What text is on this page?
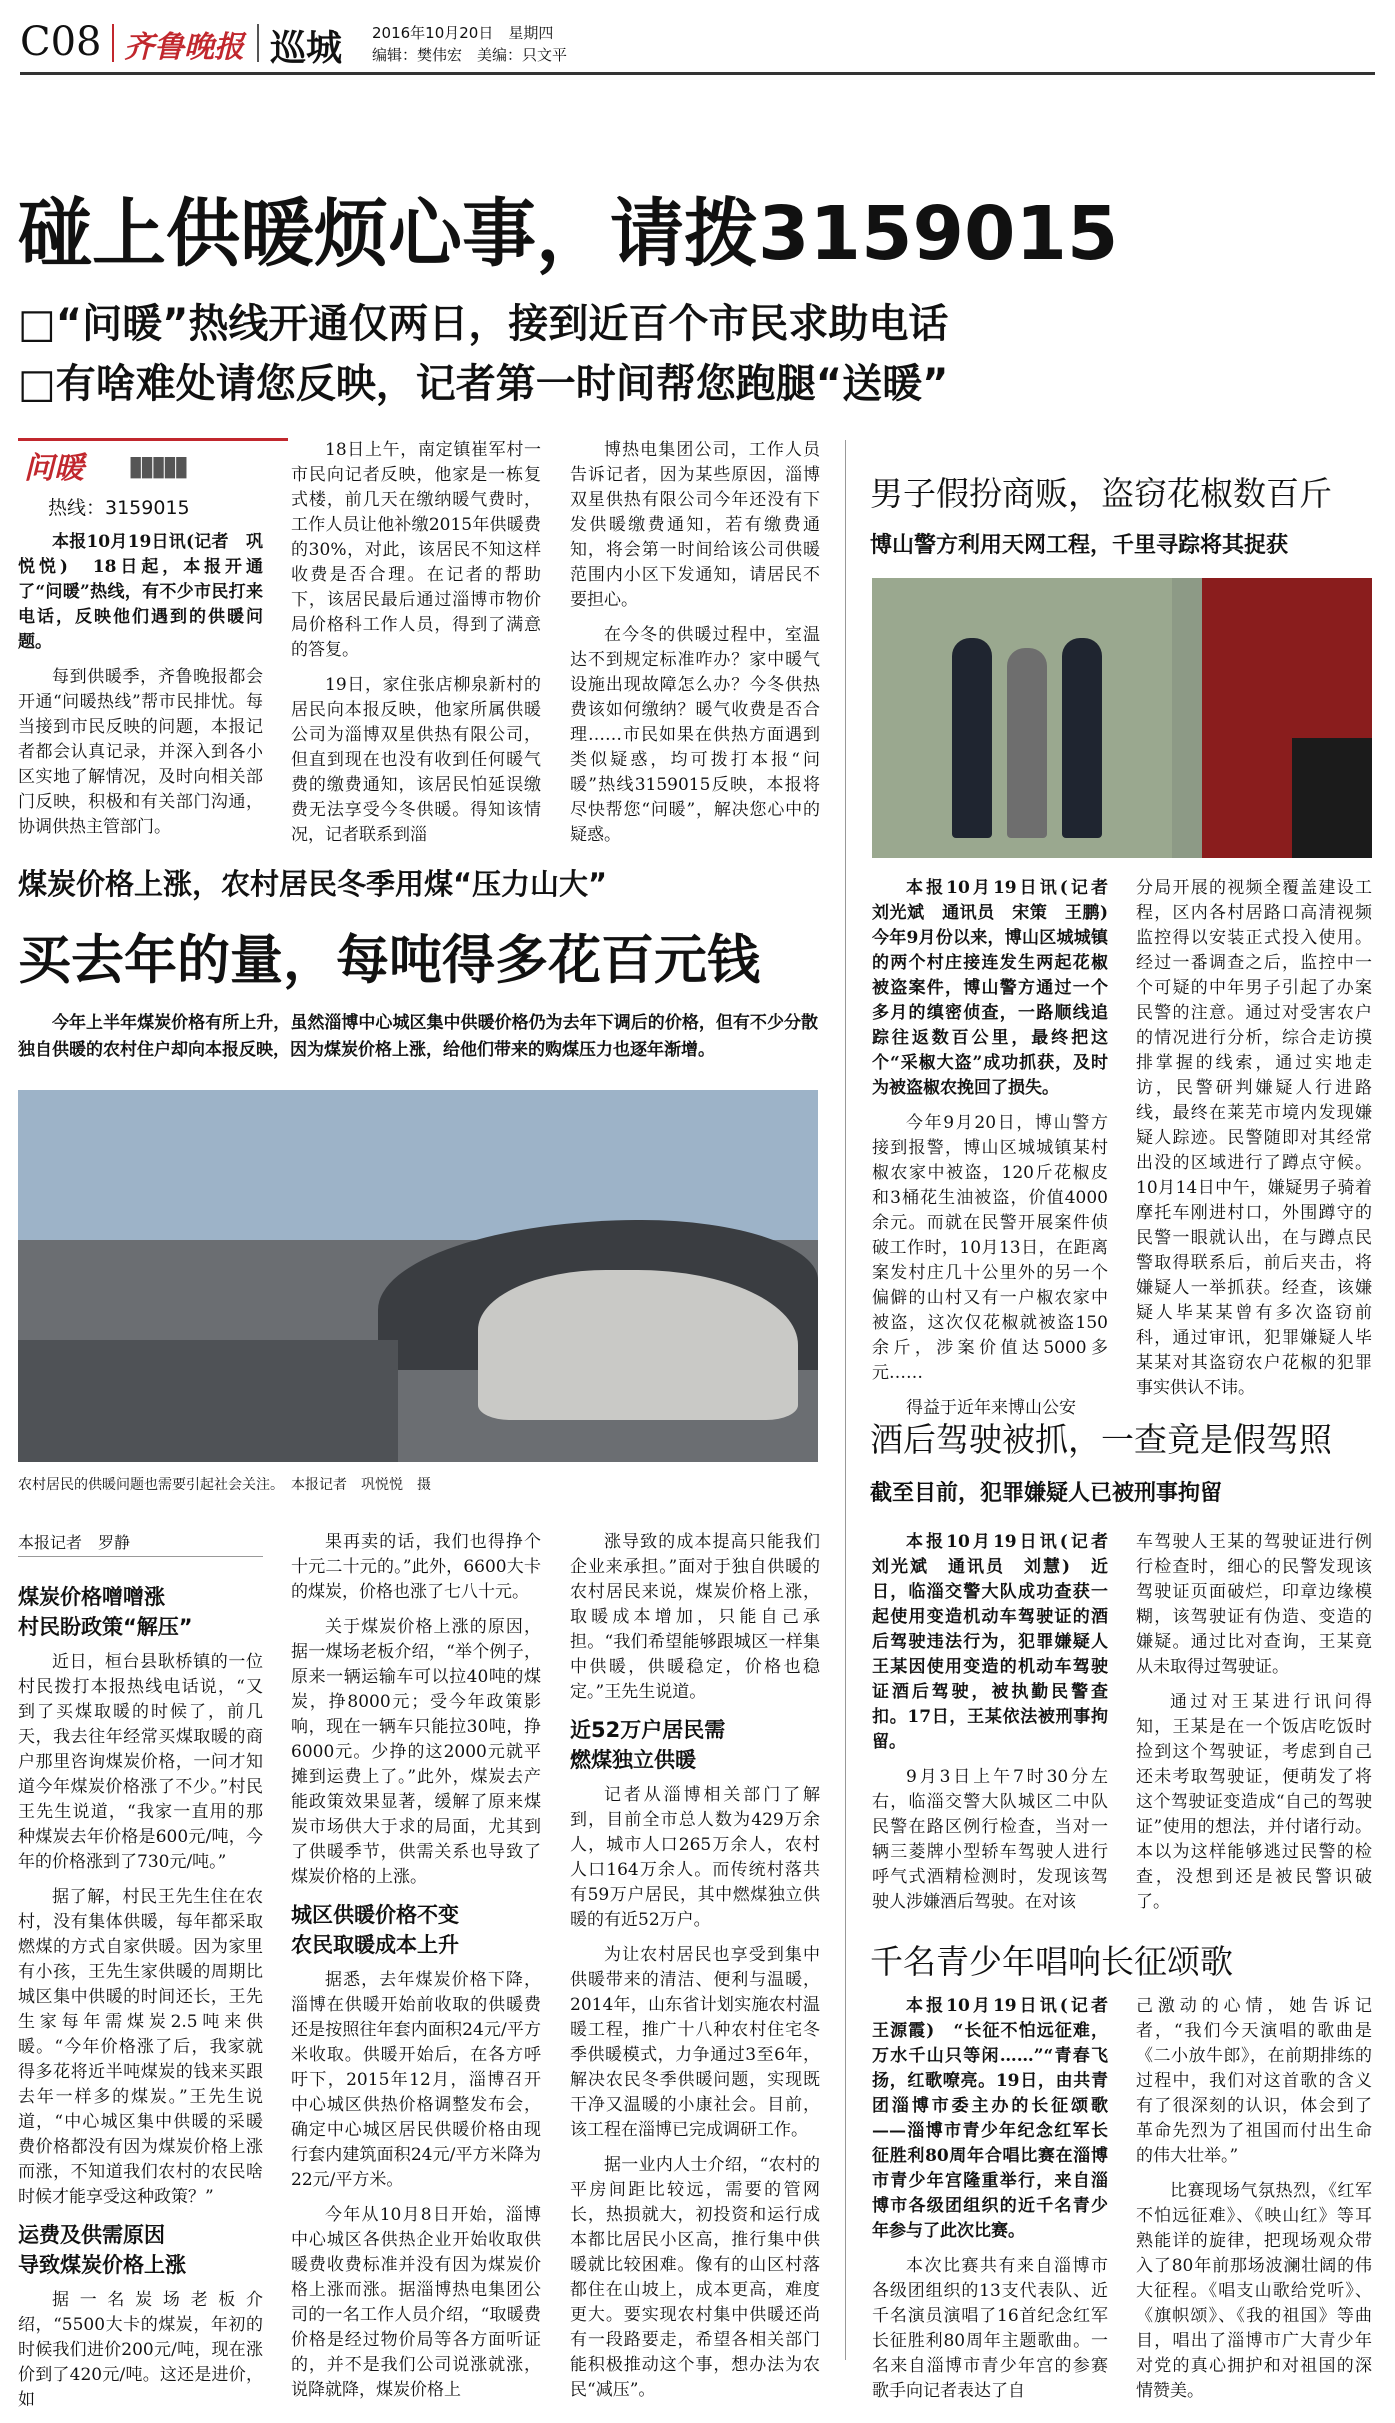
C08 齐鲁晚报 巡城 2016年10月20日　星期四
编辑：樊伟宏　美编：只文平
碰上供暖烦心事，请拨3159015
□“问暖”热线开通仅两日，接到近百个市民求助电话
□有啥难处请您反映，记者第一时间帮您跑腿“送暖”
问暖 ▮▮▮▮▮
热线：3159015

本报10月19日讯(记者　巩悦悦)　18日起，本报开通了“问暖”热线，有不少市民打来电话，反映他们遇到的供暖问题。

每到供暖季，齐鲁晚报都会开通“问暖热线”帮市民排忧。每当接到市民反映的问题，本报记者都会认真记录，并深入到各小区实地了解情况，及时向相关部门反映，积极和有关部门沟通，协调供热主管部门。

18日上午，南定镇崔军村一市民向记者反映，他家是一栋复式楼，前几天在缴纳暖气费时，工作人员让他补缴2015年供暖费的30%，对此，该居民不知这样收费是否合理。在记者的帮助下，该居民最后通过淄博市物价局价格科工作人员，得到了满意的答复。

19日，家住张店柳泉新村的居民向本报反映，他家所属供暖公司为淄博双星供热有限公司，但直到现在也没有收到任何暖气费的缴费通知，该居民怕延误缴费无法享受今冬供暖。得知该情况，记者联系到淄

博热电集团公司，工作人员告诉记者，因为某些原因，淄博双星供热有限公司今年还没有下发供暖缴费通知，若有缴费通知，将会第一时间给该公司供暖范围内小区下发通知，请居民不要担心。

在今冬的供暖过程中，室温达不到规定标准咋办？家中暖气设施出现故障怎么办？今冬供热费该如何缴纳？暖气收费是否合理……市民如果在供热方面遇到类似疑惑，均可拨打本报“问暖”热线3159015反映，本报将尽快帮您“问暖”，解决您心中的疑惑。

煤炭价格上涨，农村居民冬季用煤“压力山大”
买去年的量，每吨得多花百元钱
今年上半年煤炭价格有所上升，虽然淄博中心城区集中供暖价格仍为去年下调后的价格，但有不少分散独自供暖的农村住户却向本报反映，因为煤炭价格上涨，给他们带来的购煤压力也逐年渐增。
农村居民的供暖问题也需要引起社会关注。　本报记者　巩悦悦　摄
本报记者　罗静
煤炭价格噌噌涨
村民盼政策“解压”

近日，桓台县耿桥镇的一位村民拨打本报热线电话说，“又到了买煤取暖的时候了，前几天，我去往年经常买煤取暖的商户那里咨询煤炭价格，一问才知道今年煤炭价格涨了不少。”村民王先生说道，“我家一直用的那种煤炭去年价格是600元/吨，今年的价格涨到了730元/吨。”

据了解，村民王先生住在农村，没有集体供暖，每年都采取燃煤的方式自家供暖。因为家里有小孩，王先生家供暖的周期比城区集中供暖的时间还长，王先生家每年需煤炭2.5吨来供暖。“今年价格涨了后，我家就得多花将近半吨煤炭的钱来买跟去年一样多的煤炭。”王先生说道，“中心城区集中供暖的采暖费价格都没有因为煤炭价格上涨而涨，不知道我们农村的农民啥时候才能享受这种政策？”

运费及供需原因
导致煤炭价格上涨

据一名炭场老板介绍，“5500大卡的煤炭，年初的时候我们进价200元/吨，现在涨价到了420元/吨。这还是进价，如

果再卖的话，我们也得挣个十元二十元的。”此外，6600大卡的煤炭，价格也涨了七八十元。

关于煤炭价格上涨的原因，据一煤场老板介绍，“举个例子，原来一辆运输车可以拉40吨的煤炭，挣8000元；受今年政策影响，现在一辆车只能拉30吨，挣6000元。少挣的这2000元就平摊到运费上了。”此外，煤炭去产能政策效果显著，缓解了原来煤炭市场供大于求的局面，尤其到了供暖季节，供需关系也导致了煤炭价格的上涨。

城区供暖价格不变
农民取暖成本上升

据悉，去年煤炭价格下降，淄博在供暖开始前收取的供暖费还是按照往年套内面积24元/平方米收取。供暖开始后，在各方呼吁下，2015年12月，淄博召开中心城区供热价格调整发布会，确定中心城区居民供暖价格由现行套内建筑面积24元/平方米降为22元/平方米。

今年从10月8日开始，淄博中心城区各供热企业开始收取供暖费收费标准并没有因为煤炭价格上涨而涨。据淄博热电集团公司的一名工作人员介绍，“取暖费价格是经过物价局等各方面听证的，并不是我们公司说涨就涨，说降就降，煤炭价格上

涨导致的成本提高只能我们企业来承担。”面对于独自供暖的农村居民来说，煤炭价格上涨，取暖成本增加，只能自己承担。“我们希望能够跟城区一样集中供暖，供暖稳定，价格也稳定。”王先生说道。

近52万户居民需
燃煤独立供暖

记者从淄博相关部门了解到，目前全市总人数为429万余人，城市人口265万余人，农村人口164万余人。而传统村落共有59万户居民，其中燃煤独立供暖的有近52万户。

为让农村居民也享受到集中供暖带来的清洁、便利与温暖，2014年，山东省计划实施农村温暖工程，推广十八种农村住宅冬季供暖模式，力争通过3至6年，解决农民冬季供暖问题，实现既干净又温暖的小康社会。目前，该工程在淄博已完成调研工作。

据一业内人士介绍，“农村的平房间距比较远，需要的管网长，热损就大，初投资和运行成本都比居民小区高，推行集中供暖就比较困难。像有的山区村落都住在山坡上，成本更高，难度更大。要实现农村集中供暖还尚有一段路要走，希望各相关部门能积极推动这个事，想办法为农民“减压”。

男子假扮商贩，盗窃花椒数百斤
博山警方利用天网工程，千里寻踪将其捉获

本报10月19日讯(记者　刘光斌　通讯员　宋策　王鹏)　今年9月份以来，博山区城城镇的两个村庄接连发生两起花椒被盗案件，博山警方通过一个多月的缜密侦查，一路顺线追踪往返数百公里，最终把这个“采椒大盗”成功抓获，及时为被盗椒农挽回了损失。

今年9月20日，博山警方接到报警，博山区城城镇某村椒农家中被盗，120斤花椒皮和3桶花生油被盗，价值4000余元。而就在民警开展案件侦破工作时，10月13日，在距离案发村庄几十公里外的另一个偏僻的山村又有一户椒农家中被盗，这次仅花椒就被盗150余斤，涉案价值达5000多元……

得益于近年来博山公安

分局开展的视频全覆盖建设工程，区内各村居路口高清视频监控得以安装正式投入使用。经过一番调查之后，监控中一个可疑的中年男子引起了办案民警的注意。通过对受害农户的情况进行分析，综合走访摸排掌握的线索，通过实地走访，民警研判嫌疑人行进路线，最终在莱芜市境内发现嫌疑人踪迹。民警随即对其经常出没的区域进行了蹲点守候。10月14日中午，嫌疑男子骑着摩托车刚进村口，外围蹲守的民警一眼就认出，在与蹲点民警取得联系后，前后夹击，将嫌疑人一举抓获。经查，该嫌疑人毕某某曾有多次盗窃前科，通过审讯，犯罪嫌疑人毕某某对其盗窃农户花椒的犯罪事实供认不讳。

酒后驾驶被抓，一查竟是假驾照
截至目前，犯罪嫌疑人已被刑事拘留

本报10月19日讯(记者　刘光斌　通讯员　刘慧)　近日，临淄交警大队成功查获一起使用变造机动车驾驶证的酒后驾驶违法行为，犯罪嫌疑人王某因使用变造的机动车驾驶证酒后驾驶，被执勤民警查扣。17日，王某依法被刑事拘留。

9月3日上午7时30分左右，临淄交警大队城区二中队民警在路区例行检查，当对一辆三菱牌小型轿车驾驶人进行呼气式酒精检测时，发现该驾驶人涉嫌酒后驾驶。在对该

车驾驶人王某的驾驶证进行例行检查时，细心的民警发现该驾驶证页面破烂，印章边缘模糊，该驾驶证有伪造、变造的嫌疑。通过比对查询，王某竟从未取得过驾驶证。

通过对王某进行讯问得知，王某是在一个饭店吃饭时捡到这个驾驶证，考虑到自己还未考取驾驶证，便萌发了将这个驾驶证变造成“自己的驾驶证”使用的想法，并付诸行动。本以为这样能够逃过民警的检查，没想到还是被民警识破了。

千名青少年唱响长征颂歌

本报10月19日讯(记者　王源霞)　“长征不怕远征难，万水千山只等闲……”“青春飞扬，红歌嘹亮。19日，由共青团淄博市委主办的长征颂歌——淄博市青少年纪念红军长征胜利80周年合唱比赛在淄博市青少年宫隆重举行，来自淄博市各级团组织的近千名青少年参与了此次比赛。

本次比赛共有来自淄博市各级团组织的13支代表队、近千名演员演唱了16首纪念红军长征胜利80周年主题歌曲。一名来自淄博市青少年宫的参赛歌手向记者表达了自

己激动的心情，她告诉记者，“我们今天演唱的歌曲是《二小放牛郎》，在前期排练的过程中，我们对这首歌的含义有了很深刻的认识，体会到了革命先烈为了祖国而付出生命的伟大壮举。”

比赛现场气氛热烈，《红军不怕远征难》、《映山红》等耳熟能详的旋律，把现场观众带入了80年前那场波澜壮阔的伟大征程。《唱支山歌给党听》、《旗帜颂》、《我的祖国》等曲目，唱出了淄博市广大青少年对党的真心拥护和对祖国的深情赞美。
